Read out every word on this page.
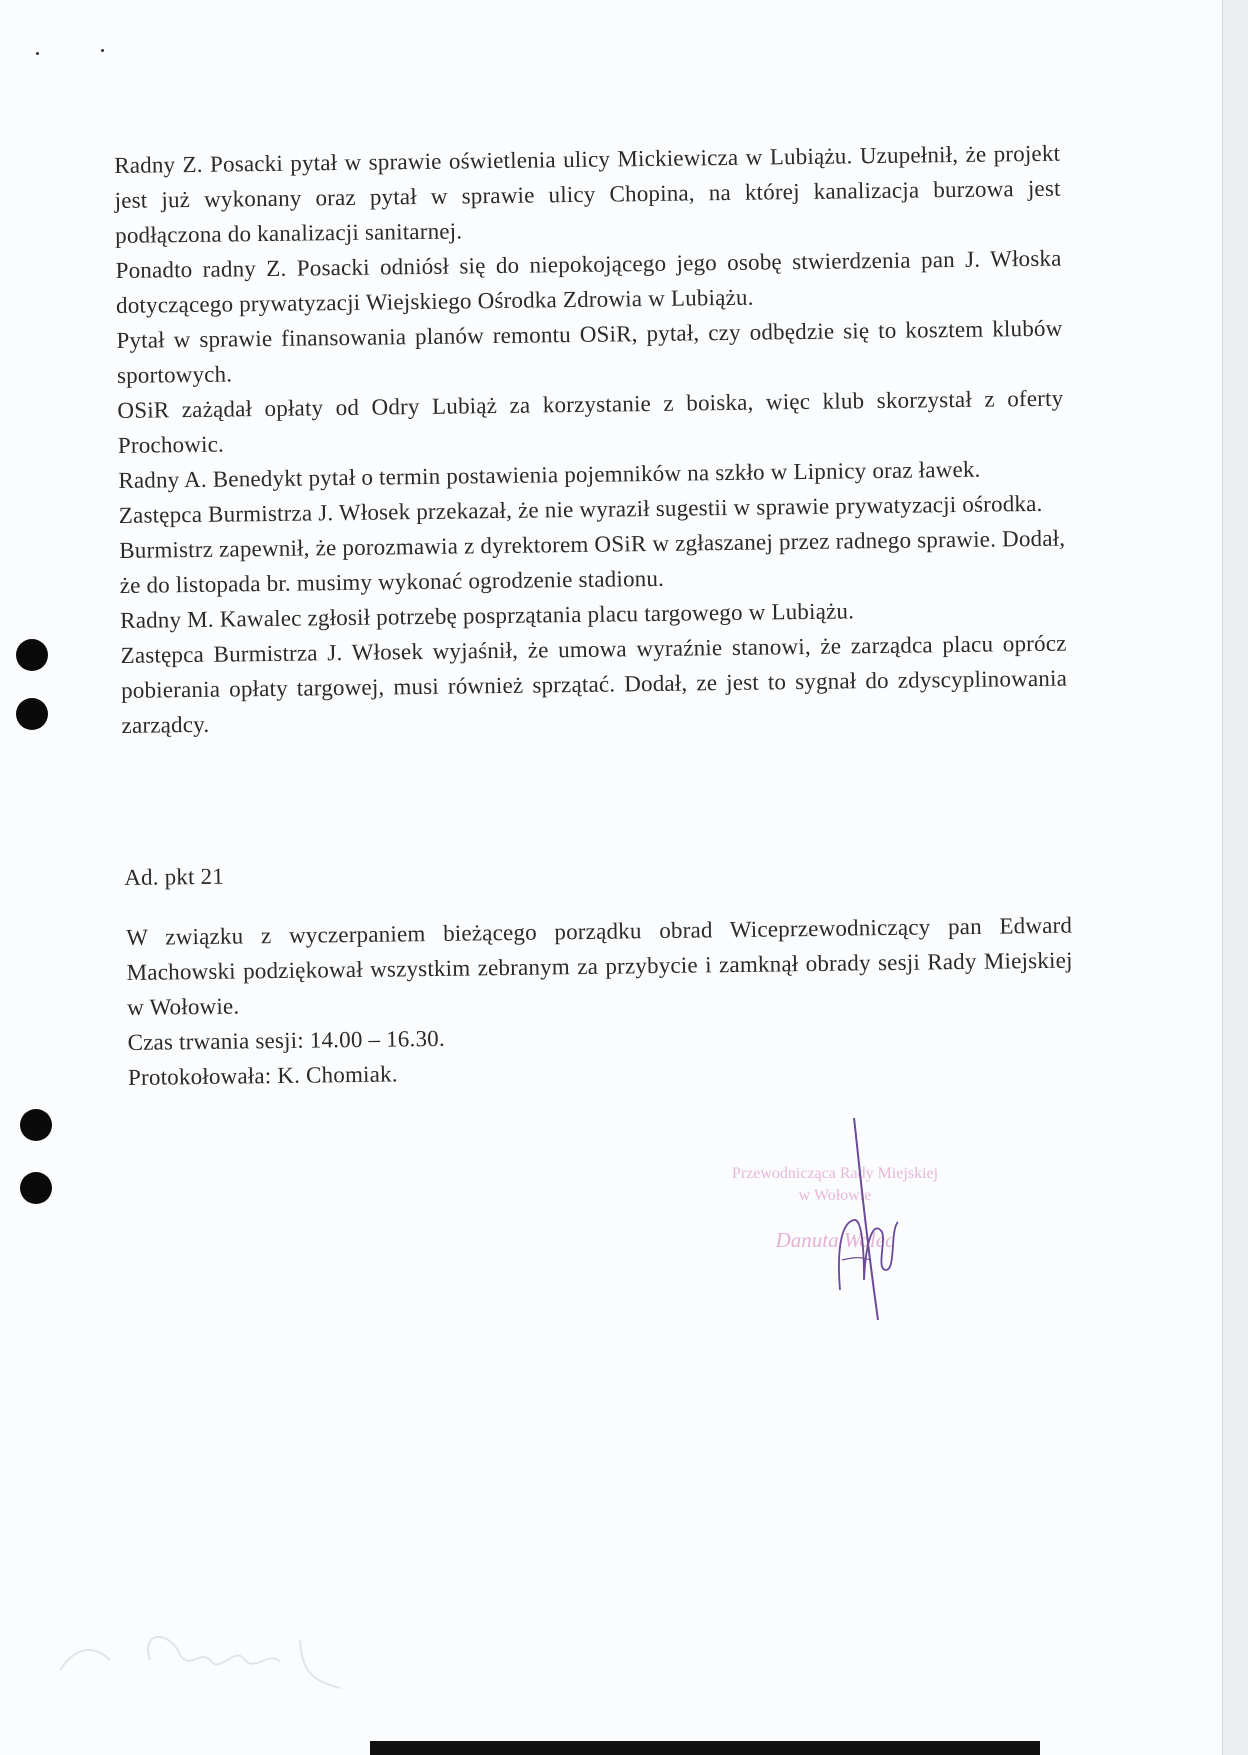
Radny Z. Posacki pytał w sprawie oświetlenia ulicy Mickiewicza w Lubiążu. Uzupełnił, że projekt jest już wykonany oraz pytał w sprawie ulicy Chopina, na której kanalizacja burzowa jest podłączona do kanalizacji sanitarnej.

Ponadto radny Z. Posacki odniósł się do niepokojącego jego osobę stwierdzenia pan J. Włoska dotyczącego prywatyzacji Wiejskiego Ośrodka Zdrowia w Lubiążu.

Pytał w sprawie finansowania planów remontu OSiR, pytał, czy odbędzie się to kosztem klubów sportowych.

OSiR zażądał opłaty od Odry Lubiąż za korzystanie z boiska, więc klub skorzystał z oferty Prochowic.

Radny A. Benedykt pytał o termin postawienia pojemników na szkło w Lipnicy oraz ławek.

Zastępca Burmistrza J. Włosek przekazał, że nie wyraził sugestii w sprawie prywatyzacji ośrodka.

Burmistrz zapewnił, że porozmawia z dyrektorem OSiR w zgłaszanej przez radnego sprawie. Dodał, że do listopada br. musimy wykonać ogrodzenie stadionu.

Radny M. Kawalec zgłosił potrzebę posprzątania placu targowego w Lubiążu.

Zastępca Burmistrza J. Włosek wyjaśnił, że umowa wyraźnie stanowi, że zarządca placu oprócz pobierania opłaty targowej, musi również sprzątać. Dodał, ze jest to sygnał do zdyscyplinowania zarządcy.

Ad. pkt 21

W związku z wyczerpaniem bieżącego porządku obrad Wiceprzewodniczący pan Edward Machowski podziękował wszystkim zebranym za przybycie i zamknął obrady sesji Rady Miejskiej w Wołowie.

Czas trwania sesji: 14.00 – 16.30.

Protokołowała: K. Chomiak.

Przewodnicząca Rady Miejskiej
w Wołowie
Danuta Wolec
